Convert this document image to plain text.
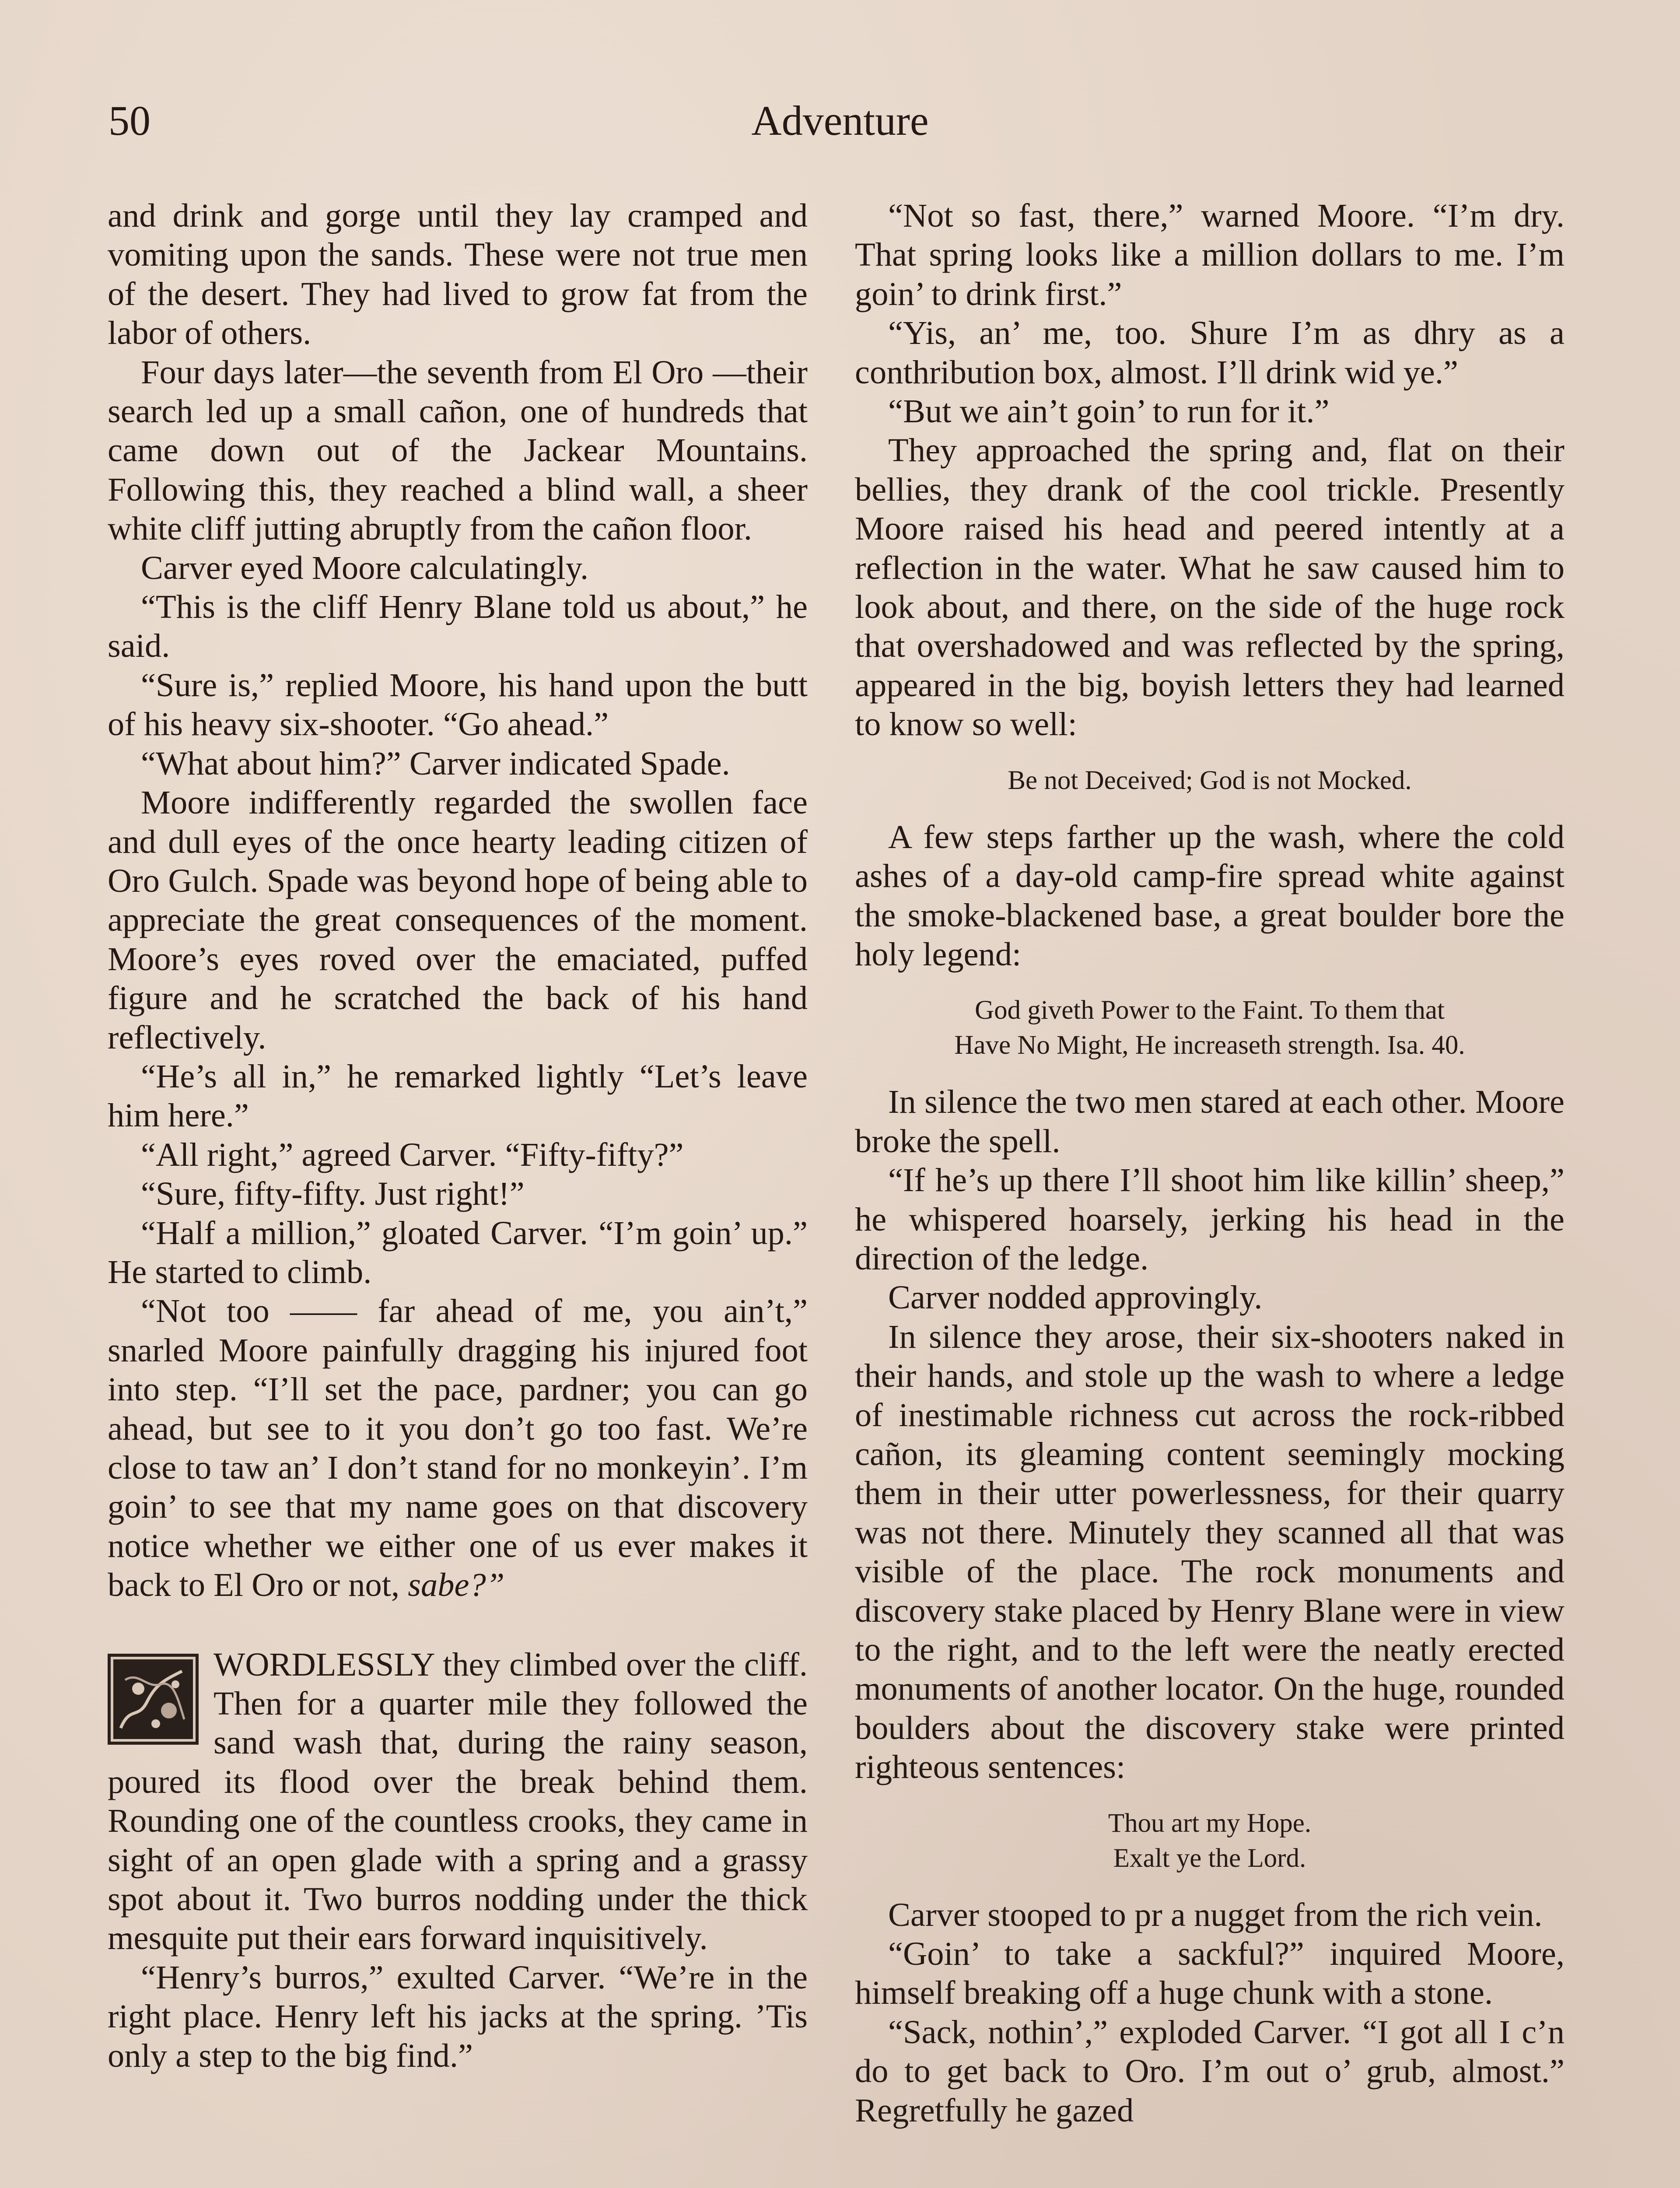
50	Adventure

and drink and gorge until they lay cramped and vomiting upon the sands. These were not true men of the desert. They had lived to grow fat from the labor of others.

Four days later—the seventh from El Oro —their search led up a small cañon, one of hundreds that came down out of the Jackear Mountains. Following this, they reached a blind wall, a sheer white cliff jutting abruptly from the cañon floor.

Carver eyed Moore calculatingly.

“This is the cliff Henry Blane told us about,” he said.

“Sure is,” replied Moore, his hand upon the butt of his heavy six-shooter. “Go ahead.”

“What about him?” Carver indicated Spade.

Moore indifferently regarded the swollen face and dull eyes of the once hearty leading citizen of Oro Gulch. Spade was beyond hope of being able to appreciate the great consequences of the moment. Moore’s eyes roved over the emaciated, puffed figure and he scratched the back of his hand reflectively.

“He’s all in,” he remarked lightly “Let’s leave him here.”

“All right,” agreed Carver. “Fifty-fifty?”

“Sure, fifty-fifty. Just right!”

“Half a million,” gloated Carver. “I’m goin’ up.” He started to climb.

“Not too —— far ahead of me, you ain’t,” snarled Moore painfully dragging his injured foot into step. “I’ll set the pace, pardner; you can go ahead, but see to it you don’t go too fast. We’re close to taw an’ I don’t stand for no monkeyin’. I’m goin’ to see that my name goes on that discovery notice whether we either one of us ever makes it back to El Oro or not, sabe?”

WORDLESSLY they climbed over the cliff. Then for a quarter mile they followed the sand wash that, during the rainy season, poured its flood over the break behind them. Rounding one of the countless crooks, they came in sight of an open glade with a spring and a grassy spot about it. Two burros nodding under the thick mesquite put their ears forward inquisitively.

“Henry’s burros,” exulted Carver. “We’re in the right place. Henry left his jacks at the spring. ’Tis only a step to the big find.”

“Not so fast, there,” warned Moore. “I’m dry. That spring looks like a million dollars to me. I’m goin’ to drink first.”

“Yis, an’ me, too. Shure I’m as dhry as a conthribution box, almost. I’ll drink wid ye.”

“But we ain’t goin’ to run for it.”

They approached the spring and, flat on their bellies, they drank of the cool trickle. Presently Moore raised his head and peered intently at a reflection in the water. What he saw caused him to look about, and there, on the side of the huge rock that overshadowed and was reflected by the spring, appeared in the big, boyish letters they had learned to know so well:

Be not Deceived; God is not Mocked.

A few steps farther up the wash, where the cold ashes of a day-old camp-fire spread white against the smoke-blackened base, a great boulder bore the holy legend:

God giveth Power to the Faint. To them that

Have No Might, He increaseth strength. Isa. 40.

In silence the two men stared at each other. Moore broke the spell.

“If he’s up there I’ll shoot him like killin’ sheep,” he whispered hoarsely, jerking his head in the direction of the ledge.

Carver nodded approvingly.

In silence they arose, their six-shooters naked in their hands, and stole up the wash to where a ledge of inestimable richness cut across the rock-ribbed cañon, its gleaming content seemingly mocking them in their utter powerlessness, for their quarry was not there. Minutely they scanned all that was visible of the place. The rock monuments and discovery stake placed by Henry Blane were in view to the right, and to the left were the neatly erected monuments of another locator. On the huge, rounded boulders about the discovery stake were printed righteous sentences:

Thou art my Hope.

Exalt ye the Lord.

Carver stooped to pr a nugget from the rich vein.

“Goin’ to take a sackful?” inquired Moore, himself breaking off a huge chunk with a stone.

“Sack, nothin’,” exploded Carver. “I got all I c’n do to get back to Oro. I’m out o’ grub, almost.” Regretfully he gazed
